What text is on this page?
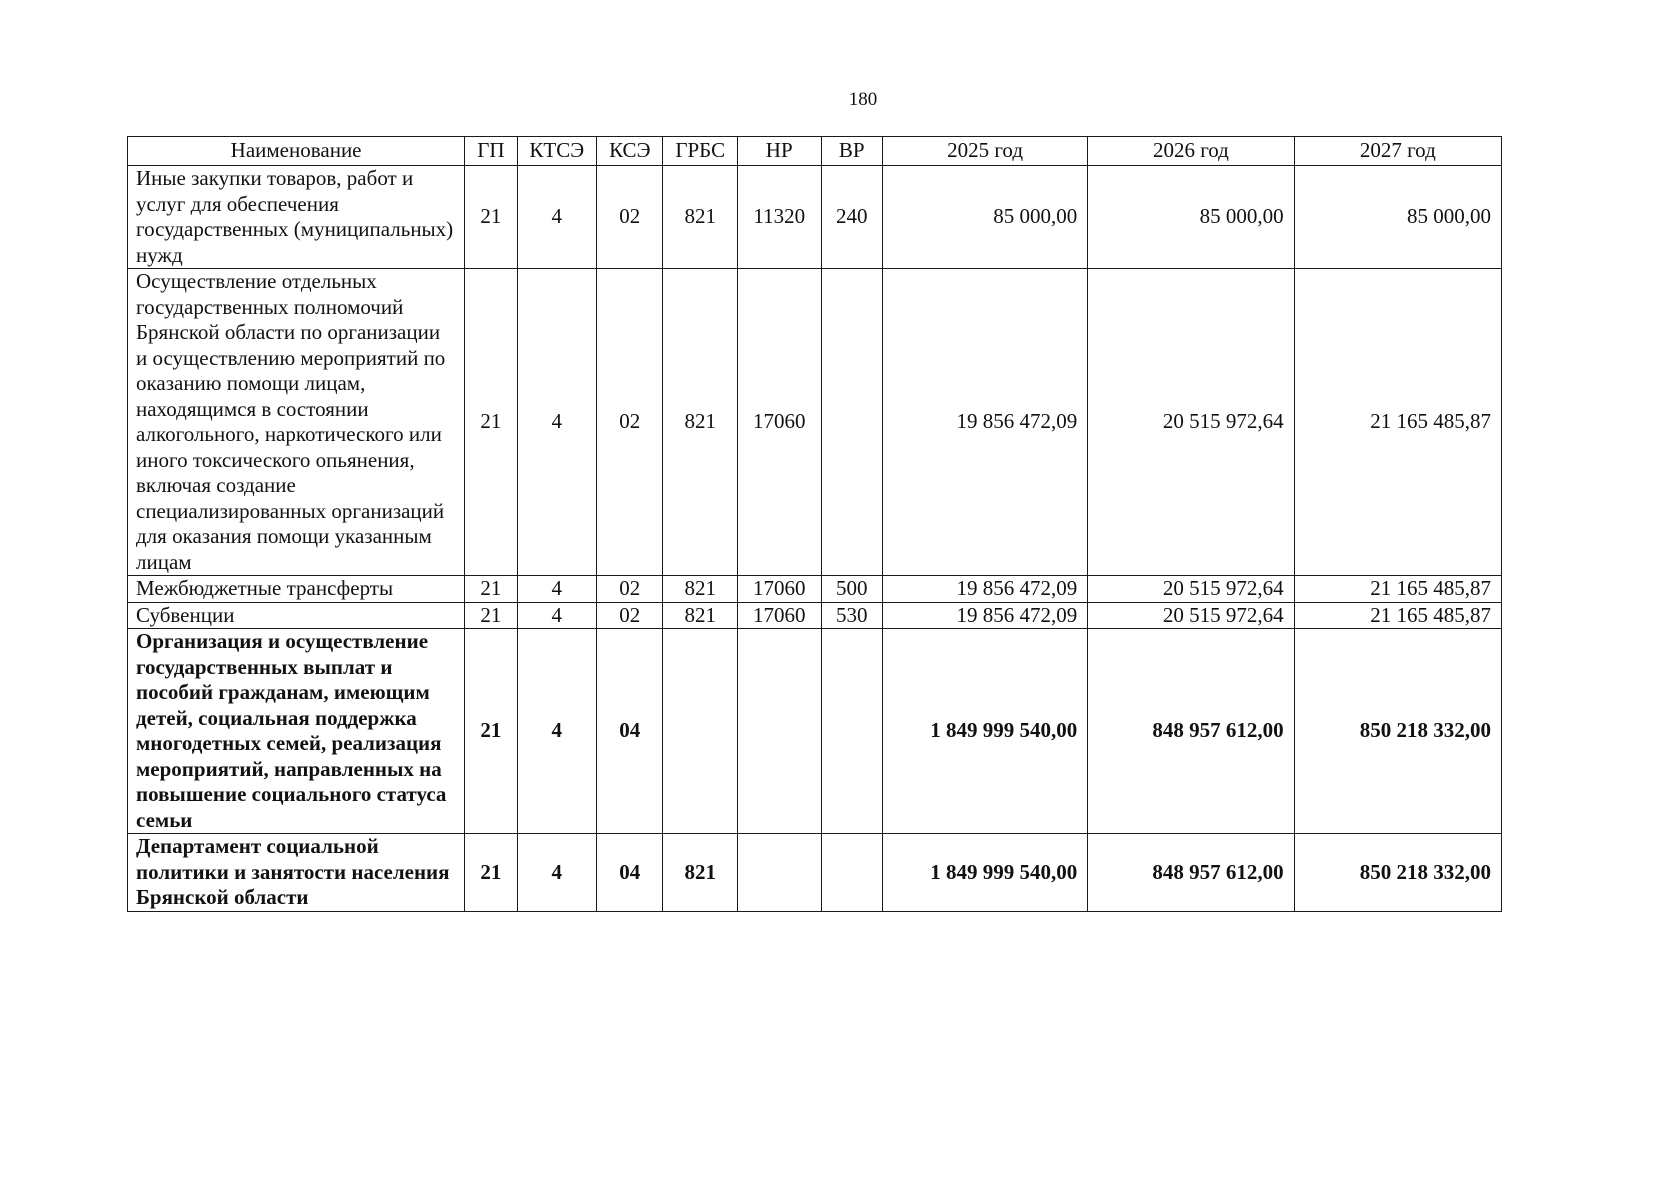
180
Наименование	ГП	КТСЭ	КСЭ	ГРБС	НР	ВР	2025 год	2026 год	2027 год
Иные закупки товаров, работ и услуг для обеспечения государственных (муниципальных) нужд	21	4	02	821	11320	240	85 000,00	85 000,00	85 000,00
Осуществление отдельных государственных полномочий Брянской области по организации и осуществлению мероприятий по оказанию помощи лицам, находящимся в состоянии алкогольного, наркотического или иного токсического опьянения, включая создание специализированных организаций для оказания помощи указанным лицам	21	4	02	821	17060		19 856 472,09	20 515 972,64	21 165 485,87
Межбюджетные трансферты	21	4	02	821	17060	500	19 856 472,09	20 515 972,64	21 165 485,87
Субвенции	21	4	02	821	17060	530	19 856 472,09	20 515 972,64	21 165 485,87
Организация и осуществление государственных выплат и пособий гражданам, имеющим детей, социальная поддержка многодетных семей, реализация мероприятий, направленных на повышение социального статуса семьи	21	4	04				1 849 999 540,00	848 957 612,00	850 218 332,00
Департамент социальной политики и занятости населения Брянской области	21	4	04	821			1 849 999 540,00	848 957 612,00	850 218 332,00
